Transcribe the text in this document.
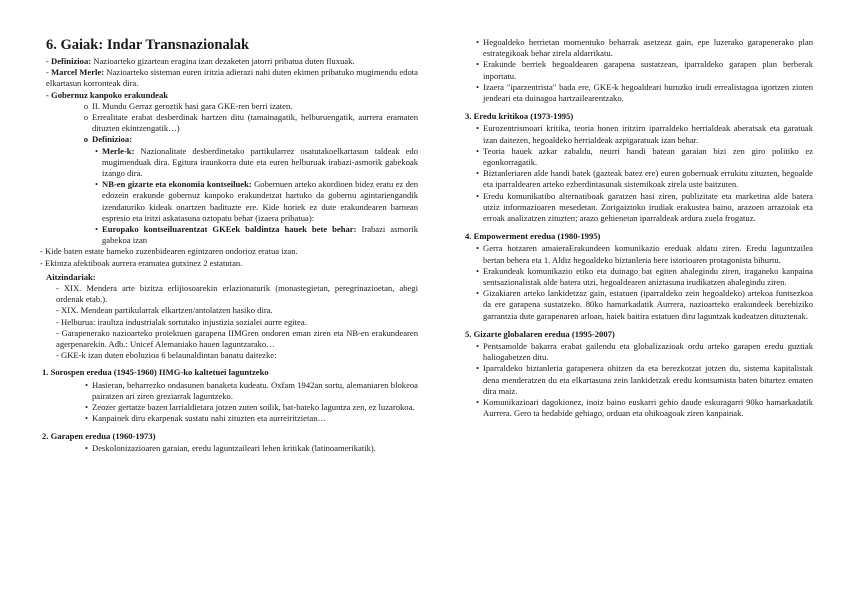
6. Gaiak: Indar Transnazionalak

- Definizioa: Nazioarteko gizartean eragina izan dezaketen jatorri pribatua duten fluxuak.

- Marcel Merle: Nazioarteko sisteman euren iritzia adierazi nahi duten ekimen pribatuko mugimendu edota elkartasun korronteak dira.

- Gobernuz kanpoko erakundeak

o II. Mundu Gerraz geroztik hasi gara GKE-ren berri izaten.
o Errealitate erabat desberdinak hartzen ditu (tamainagatik, helburuengatik, aurrera eramaten dituzten ekintzengatik…)
o Definizioa:
• Merle-k: Nazionalitate desberdinetako partikularrez osatutakoelkartasun taldeak edo mugimenduak dira. Egitura iraunkorra dute eta euren helburuak irabazi-asmorik gabekoak izango dira.
• NB-en gizarte eta ekonomia kontseiluek: Gobernuen arteko akordioen bidez eratu ez den edozein erakunde gobernuz kanpoko erakundetzat hartuko da gobernu agintariengandik izendaturiko kideak onartzen badituzte ere. Kide horiek ez dute erakundearen barnean espresio eta iritzi askatasuna oztopatu behar (izaera pribatua):
• Europako kontseiluarentzat GKEek baldintza hauek bete behar: Irabazi asmorik gabekoa izan

- Kide baten estate bameko zuzenbidearen egintzaren ondorioz eratua izan.

- Ekintza afektiboak aurrera eramatea gutxinez 2 estatutan.

Aitzindariak:

- XIX. Mendera arte bizitza erlijiosoarekin erlazionaturik (monastegietan, peregrinazioetan, abegi ordenak etab.).

- XIX. Mendean partikularrak elkartzen/antolatzen hasiko dira.

- Helburua: iraultza industrialak sortutako injustizia sozialei aurre egitea.

- Garapenerako nazioarteko proiektuen garapena IIMGren ondoren eman ziren eta NB-en erakundearen agerpenarekin. Adb.: Unicef Alemaniako hauen laguntzarako…

- GKE-k izan duten eboluzioa 6 belaunaldintan banatu daitezke:

1. Sorospen eredua (1945-1960) IIMG-ko kaltetuei laguntzeko

• Hasieran, beharrezko ondasunen banaketa kudeatu. Oxfam 1942an sortu, alemaniaren blokeoa pairatzen ari ziren greziarrak laguntzeko.
• Zeozer gertatze bazen larrialdietara jotzen zuten soilik, bat-bateko laguntza zen, ez luzarokoa.
• Kanpainek diru ekarpenak sustatu nahi zituzten eta aurreiritzietan…

2. Garapen eredua (1960-1973)

• Deskolonizazioaren garaian, eredu laguntzaileari lehen kritikak (latinoamerikatik).
• Hegoaldeko herrietan momentuko beharrak asetzeaz gain, epe luzerako garapenerako plan estrategikoak behar zirela aldarrikatu.
• Erakunde berriek hegoaldearen garapena sustatzean, iparraldeko garapen plan berberak inportatu.
• Izaera "iparzentrista" bada ere, GKE-k hegoaldeari buruzko irudi errealistagoa igortzen zioten jendeari eta duinagoa hartzailearentzako.

3. Eredu kritikoa (1973-1995)

• Eurozentrismoari kritika, teoria honen iritzirn iparraldeko herrialdeak aberatsak eta garatuak izan daitezen, hegoaldeko herrialdeak azpigaratuak izan behar.
• Teoria hauek azkar zabaldu, neurri handi batean garaian bizi zen giro politiko ez egonkorragatik.
• Biztanleriaren alde handi batek (gazteak batez ere) euren gobernuak errukitu zituzten, hegoalde eta iparraldearen arteko ezberdintasunak sistemikoak zirela uste baitzuten.
• Eredu komunikatibo alternatiboak garatzen hasi ziren, publizitate eta marketina alde batera utziz informazioaren mesedetan. Zorigaiztoko irudiak erakustea baino, arazoen arrazoiak eta erroak analizatzen zituzten; arazo gehienetan iparraldeak ardura zuela frogatuz.

4. Empowerment eredua (1980-1995)

• Gerra hotzaren amaieraErakundeen komunikazio ereduak aldatu ziren. Eredu laguntzailea bertan behera eta 1. Aldiz hegoaldeko biztanleria bere istorioaren protagonista bihurtu.
• Erakundeak komunikazio etiko eta duinago bat egiten ahalegindu ziren, iraganeko kanpaina sentsazionalistak alde batera utzi, hegoaldearen aniztasuna irudikatzen ahalegindu ziren.
• Gizakiaren arteko lankidetzaz gain, estatuen (iparraldeko zein hegoaldeko) artekoa funtsezkoa da ere garapena sustatzeko. 80ko hamarkadatik Aurrera, nazioarteko erakundeek berebiziko garrantzia dute garapenaren arloan, haiek baitira estatuen diru laguntzak kudeatzen dituztenak.

5. Gizarte globalaren eredua (1995-2007)

• Pentsamolde bakarra erabat gailendu eta globalizazioak ordu arteko garapen eredu guztiak baliogabetzen ditu.
• Iparraldeko biztanleria garapenera ohitzen da eta berezkotzat jotzen du, sistema kapitalistak dena menderatzen du eta elkartasuna zein lankidetzak eredu kontsumista baten bitartez ematen dira maiz.
• Komunikazioari dagokionez, inoiz baino euskarri gehio daude eskuragarri 90ko hamarkadatik Aurrera. Gero ta hedabide gehiago, orduan eta ohikoagoak ziren kanpainak.
